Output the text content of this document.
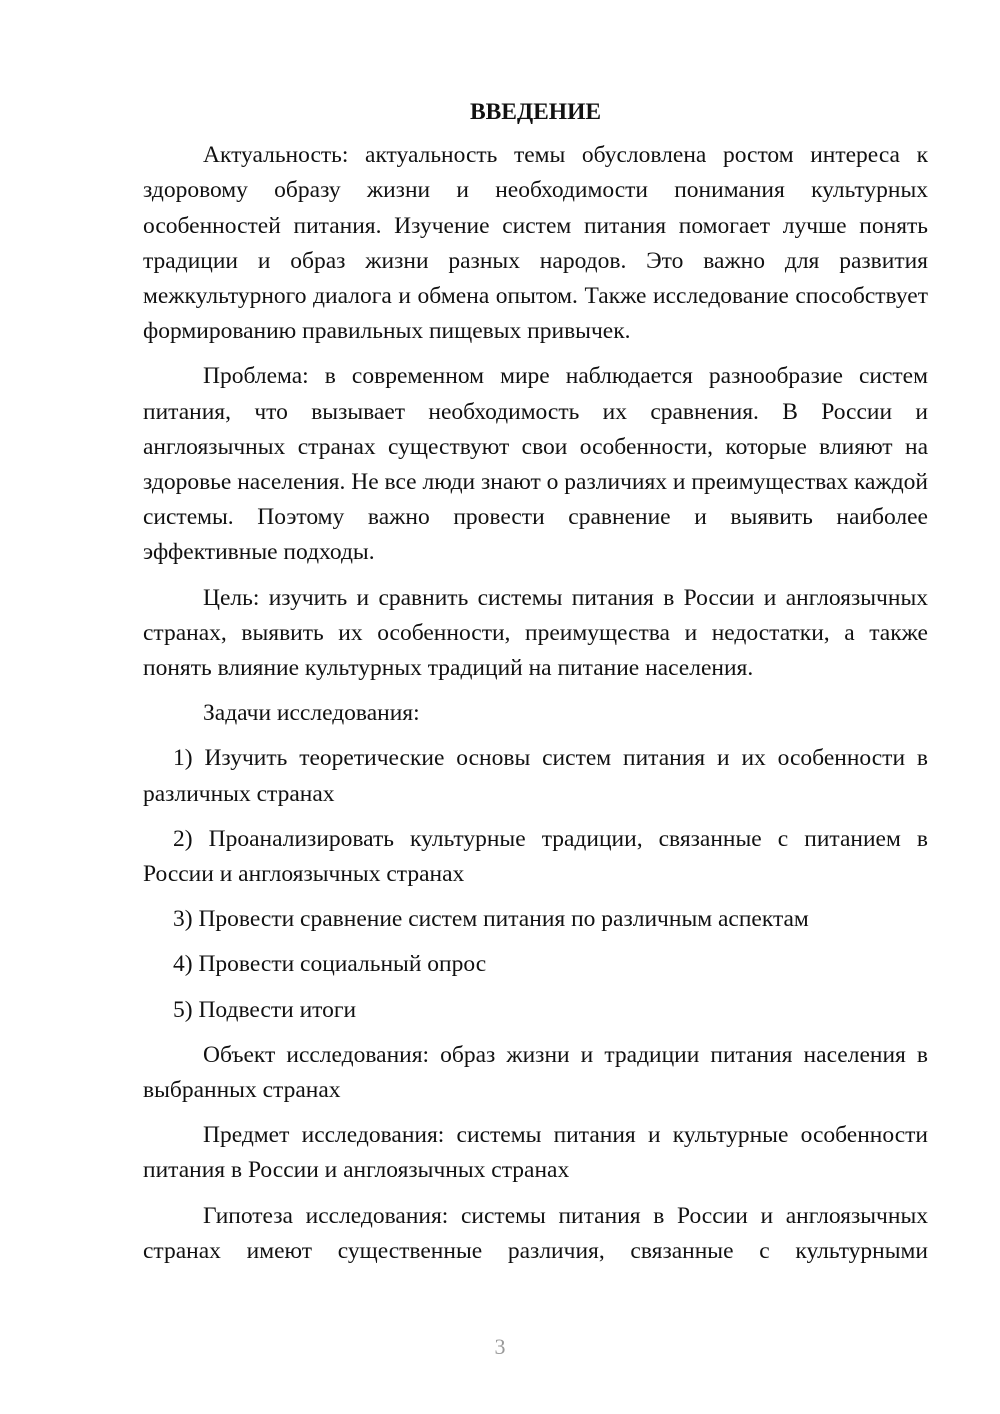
ВВЕДЕНИЕ
Актуальность: актуальность темы обусловлена ростом интереса к здоровому образу жизни и необходимости понимания культурных особенностей питания. Изучение систем питания помогает лучше понять традиции и образ жизни разных народов. Это важно для развития межкультурного диалога и обмена опытом. Также исследование способствует формированию правильных пищевых привычек.
Проблема: в современном мире наблюдается разнообразие систем питания, что вызывает необходимость их сравнения. В России и англоязычных странах существуют свои особенности, которые влияют на здоровье населения. Не все люди знают о различиях и преимуществах каждой системы. Поэтому важно провести сравнение и выявить наиболее эффективные подходы.
Цель: изучить и сравнить системы питания в России и англоязычных странах, выявить их особенности, преимущества и недостатки, а также понять влияние культурных традиций на питание населения.
Задачи исследования:
1) Изучить теоретические основы систем питания и их особенности в различных странах
2) Проанализировать культурные традиции, связанные с питанием в России и англоязычных странах
3) Провести сравнение систем питания по различным аспектам
4) Провести социальный опрос
5) Подвести итоги
Объект исследования: образ жизни и традиции питания населения в выбранных странах
Предмет исследования: системы питания и культурные особенности питания в России и англоязычных странах
Гипотеза исследования: системы питания в России и англоязычных странах имеют существенные различия, связанные с культурными
3
